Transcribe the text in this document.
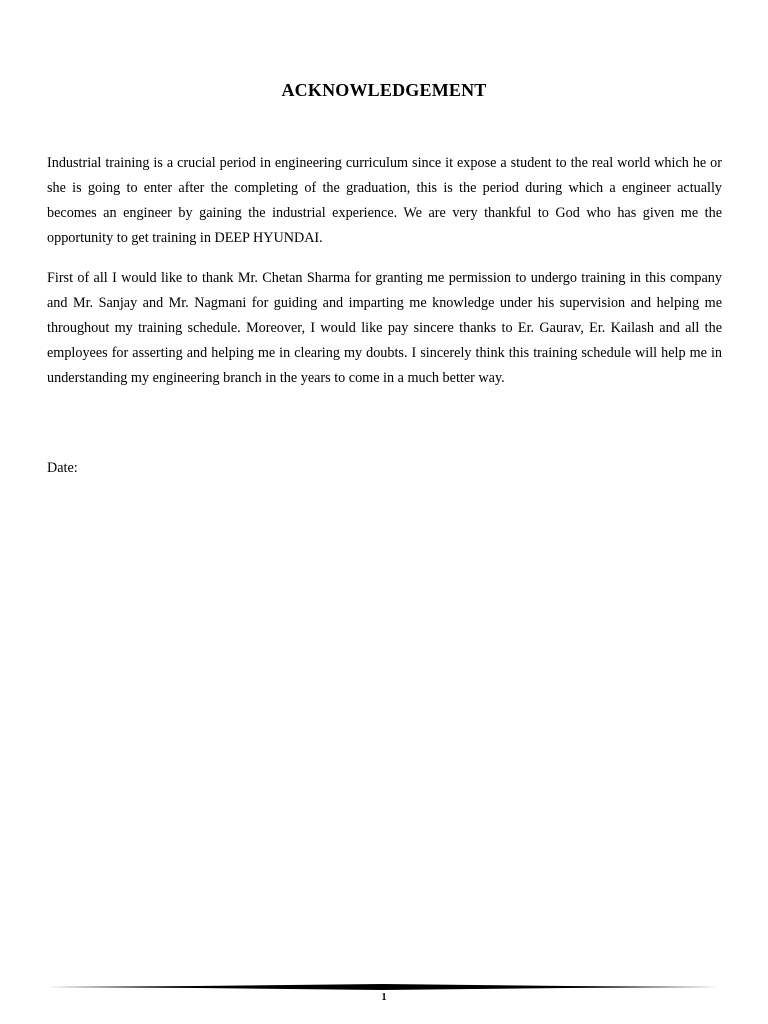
ACKNOWLEDGEMENT

Industrial training is a crucial period in engineering curriculum since it expose a student to the real world which he or she is going to enter after the completing of the graduation, this is the period during which a engineer actually becomes an engineer by gaining the industrial experience. We are very thankful to God who has given me the opportunity to get training in DEEP HYUNDAI.

First of all I would like to thank Mr. Chetan Sharma for granting me permission to undergo training in this company and Mr. Sanjay and Mr. Nagmani for guiding and imparting me knowledge under his supervision and helping me throughout my training schedule. Moreover, I would like pay sincere thanks to Er. Gaurav, Er. Kailash and all the employees for asserting and helping me in clearing my doubts. I sincerely think this training schedule will help me in understanding my engineering branch in the years to come in a much better way.

Date:
1
